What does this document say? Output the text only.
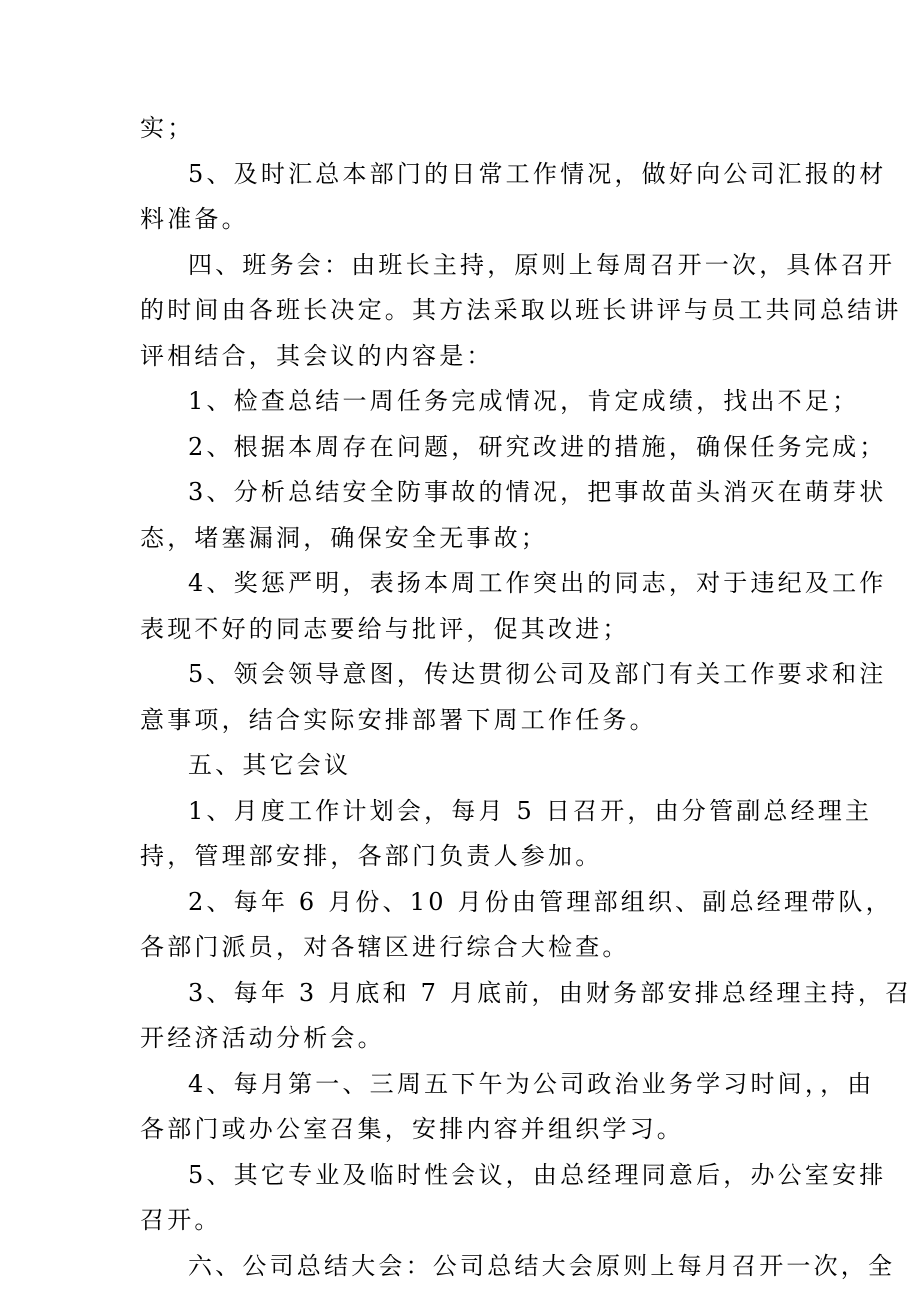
实；
5、及时汇总本部门的日常工作情况，做好向公司汇报的材
料准备。
四、班务会：由班长主持，原则上每周召开一次，具体召开
的时间由各班长决定。其方法采取以班长讲评与员工共同总结讲
评相结合，其会议的内容是：
1、检查总结一周任务完成情况，肯定成绩，找出不足；
2、根据本周存在问题，研究改进的措施，确保任务完成；
3、分析总结安全防事故的情况，把事故苗头消灭在萌芽状
态，堵塞漏洞，确保安全无事故；
4、奖惩严明，表扬本周工作突出的同志，对于违纪及工作
表现不好的同志要给与批评，促其改进；
5、领会领导意图，传达贯彻公司及部门有关工作要求和注
意事项，结合实际安排部署下周工作任务。
五、其它会议
1、月度工作计划会，每月 5 日召开，由分管副总经理主
持，管理部安排，各部门负责人参加。
2、每年 6 月份、10 月份由管理部组织、副总经理带队，
各部门派员，对各辖区进行综合大检查。
3、每年 3 月底和 7 月底前，由财务部安排总经理主持，召
开经济活动分析会。
4、每月第一、三周五下午为公司政治业务学习时间，，由
各部门或办公室召集，安排内容并组织学习。
5、其它专业及临时性会议，由总经理同意后，办公室安排
召开。
六、公司总结大会：公司总结大会原则上每月召开一次，全
